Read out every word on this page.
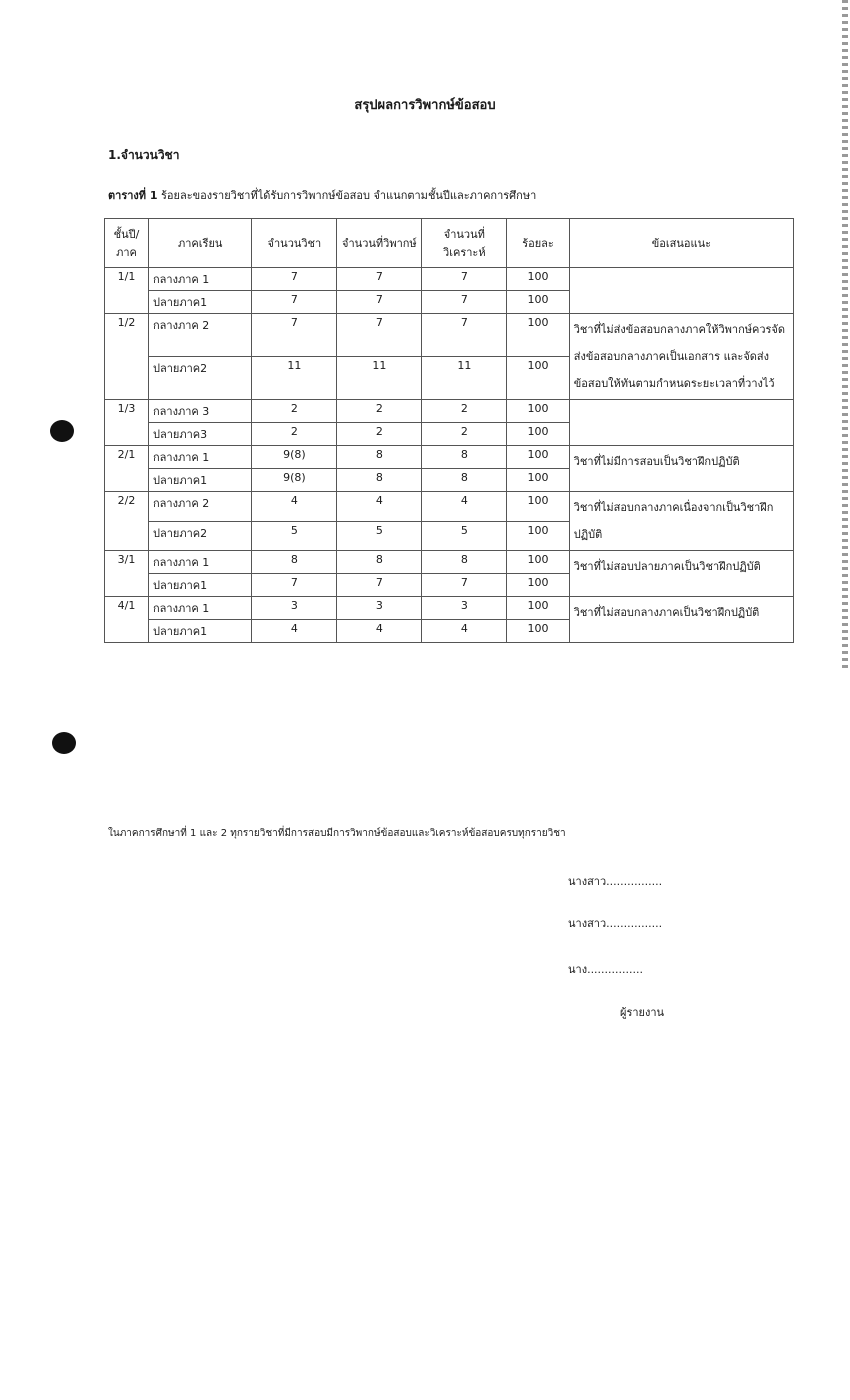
สรุปผลการวิพากษ์ข้อสอบ
1.จำนวนวิชา
ตารางที่ 1 ร้อยละของรายวิชาที่ได้รับการวิพากษ์ข้อสอบ จำแนกตามชั้นปีและภาคการศึกษา
ชั้นปี/ภาค	ภาคเรียน	จำนวนวิชา	จำนวนที่วิพากษ์	จำนวนที่วิเคราะห์	ร้อยละ	ข้อเสนอแนะ
1/1	กลางภาค 1	7	7	7	100	
	ปลายภาค1	7	7	7	100	
1/2	กลางภาค 2	7	7	7	100	วิชาที่ไม่ส่งข้อสอบกลางภาคให้วิพากษ์ควรจัดส่งข้อสอบกลางภาคเป็นเอกสาร และจัดส่งข้อสอบให้ทันตามกำหนดระยะเวลาที่วางไว้
	ปลายภาค2	11	11	11	100	
1/3	กลางภาค 3	2	2	2	100	
	ปลายภาค3	2	2	2	100	
2/1	กลางภาค 1	9(8)	8	8	100	วิชาที่ไม่มีการสอบเป็นวิชาฝึกปฏิบัติ
	ปลายภาค1	9(8)	8	8	100	
2/2	กลางภาค 2	4	4	4	100	วิชาที่ไม่สอบกลางภาคเนื่องจากเป็นวิชาฝึกปฏิบัติ
	ปลายภาค2	5	5	5	100	
3/1	กลางภาค 1	8	8	8	100	วิชาที่ไม่สอบปลายภาคเป็นวิชาฝึกปฏิบัติ
	ปลายภาค1	7	7	7	100	
4/1	กลางภาค 1	3	3	3	100	วิชาที่ไม่สอบกลางภาคเป็นวิชาฝึกปฏิบัติ
	ปลายภาค1	4	4	4	100	
ในภาคการศึกษาที่ 1 และ 2 ทุกรายวิชาที่มีการสอบมีการวิพากษ์ข้อสอบและวิเคราะห์ข้อสอบครบทุกรายวิชา
นางสาว................
นางสาว................
นาง................
ผู้รายงาน
